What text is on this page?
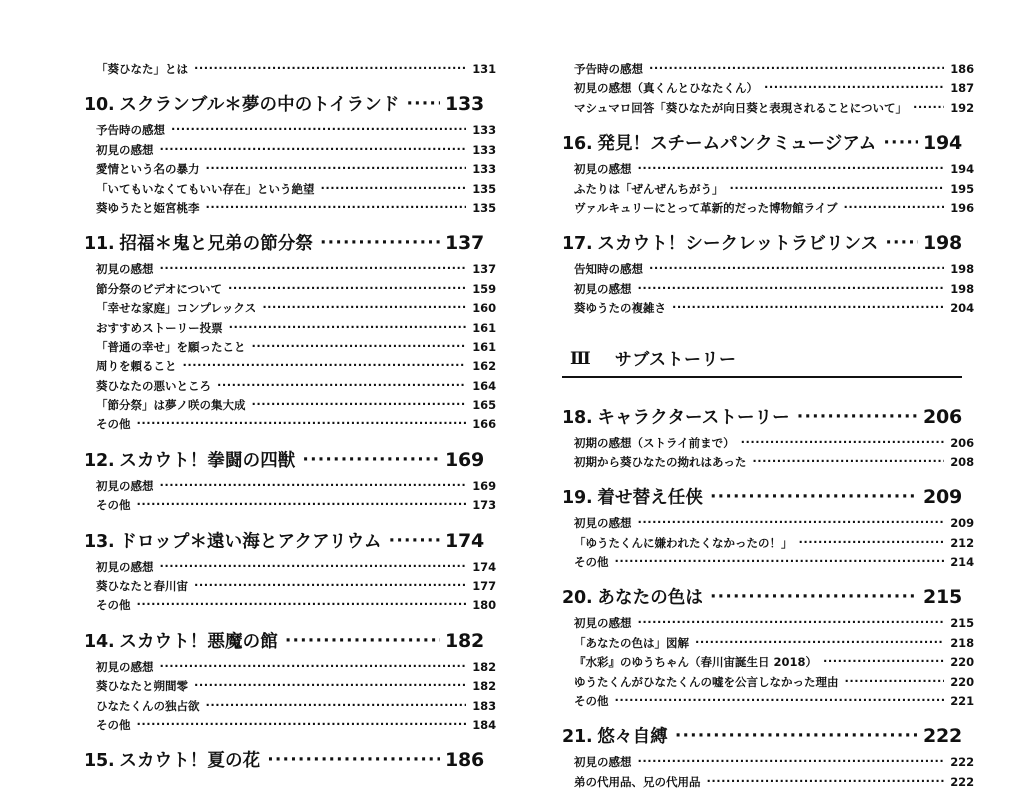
「葵ひなた」とは ·····	131
10. スクランブル＊夢の中のトイランド ····· 133
予告時の感想 ·····	133
初見の感想 ·····	133
愛情という名の暴力 ·····	133
「いてもいなくてもいい存在」という絶望 ·····	135
葵ゆうたと姫宮桃李 ·····	135
11. 招福＊鬼と兄弟の節分祭 ·····	137
初見の感想 ·····	137
節分祭のビデオについて ·····	159
「幸せな家庭」コンプレックス ·····	160
おすすめストーリー投票 ·····	161
「普通の幸せ」を願ったこと ·····	161
周りを頼ること ·····	162
葵ひなたの悪いところ ·····	164
「節分祭」は夢ノ咲の集大成 ·····	165
その他 ·····	166
12. スカウト！拳闘の四獣 ·····	169
初見の感想 ·····	169
その他 ·····	173
13. ドロップ＊遠い海とアクアリウム ·····	174
初見の感想 ·····	174
葵ひなたと春川宙 ·····	177
その他 ·····	180
14. スカウト！悪魔の館 ·····	182
初見の感想 ·····	182
葵ひなたと朔間零 ·····	182
ひなたくんの独占欲 ·····	183
その他 ·····	184
15. スカウト！夏の花 ·····	186
予告時の感想 ·····	186
初見の感想（真くんとひなたくん） ·····	187
マシュマロ回答「葵ひなたが向日葵と表現されることについて」 ·····	192
16. 発見！スチームパンクミュージアム ····· 194
初見の感想 ·····	194
ふたりは「ぜんぜんちがう」 ·····	195
ヴァルキュリーにとって革新的だった博物館ライブ ·····	196
17. スカウト！シークレットラビリンス ····· 198
告知時の感想 ·····	198
初見の感想 ·····	198
葵ゆうたの複雑さ ·····	204
Ⅲ サブストーリー
18. キャラクターストーリー ·····	206
初期の感想（ストライ前まで） ·····	206
初期から葵ひなたの拗れはあった ·····	208
19. 着せ替え任侠 ·····	209
初見の感想 ·····	209
「ゆうたくんに嫌われたくなかったの！」 ·····	212
その他 ·····	214
20. あなたの色は ·····	215
初見の感想 ·····	215
「あなたの色は」図解 ·····	218
『水彩』のゆうちゃん（春川宙誕生日 2018） ·····	220
ゆうたくんがひなたくんの嘘を公言しなかった理由 ·····	220
その他 ·····	221
21. 悠々自縛 ·····	222
初見の感想 ·····	222
弟の代用品、兄の代用品 ·····	222
